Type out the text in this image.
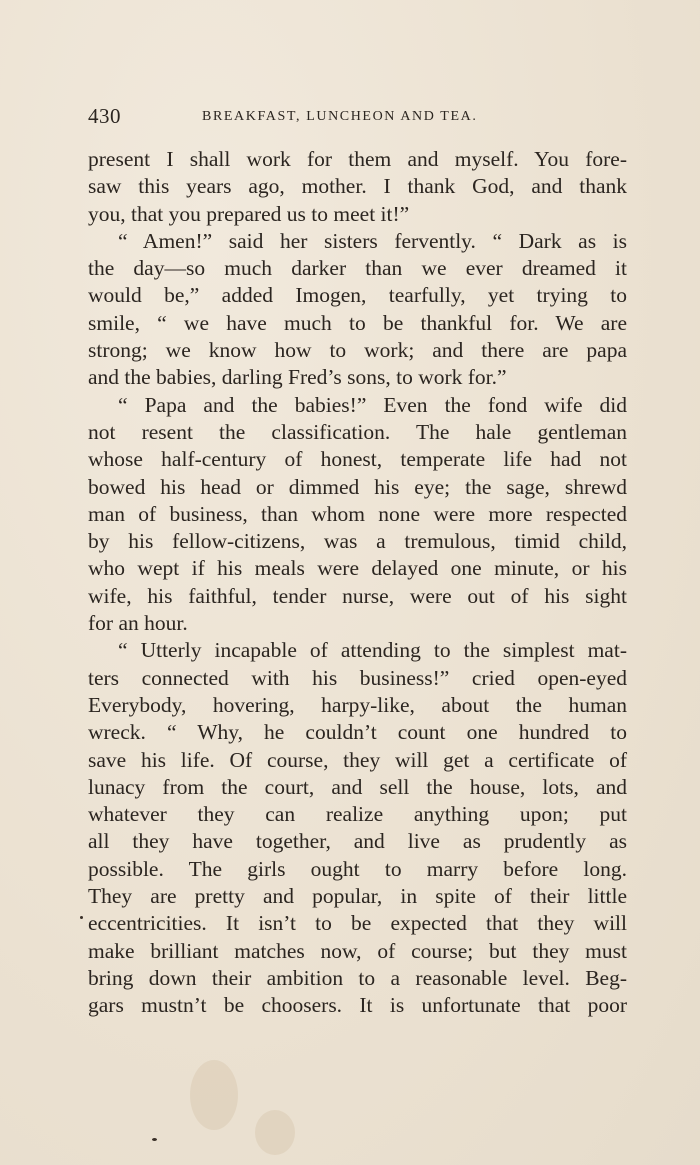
430	BREAKFAST, LUNCHEON AND TEA.
present I shall work for them and myself. You fore-
saw this years ago, mother. I thank God, and thank
you, that you prepared us to meet it!”
“ Amen!” said her sisters fervently. “ Dark as is
the day—so much darker than we ever dreamed it
would be,” added Imogen, tearfully, yet trying to
smile, “ we have much to be thankful for. We are
strong; we know how to work; and there are papa
and the babies, darling Fred’s sons, to work for.”
“ Papa and the babies!” Even the fond wife did
not resent the classification. The hale gentleman
whose half-century of honest, temperate life had not
bowed his head or dimmed his eye; the sage, shrewd
man of business, than whom none were more respected
by his fellow-citizens, was a tremulous, timid child,
who wept if his meals were delayed one minute, or his
wife, his faithful, tender nurse, were out of his sight
for an hour.
“ Utterly incapable of attending to the simplest mat-
ters connected with his business!” cried open-eyed
Everybody, hovering, harpy-like, about the human
wreck. “ Why, he couldn’t count one hundred to
save his life. Of course, they will get a certificate of
lunacy from the court, and sell the house, lots, and
whatever they can realize anything upon; put
all they have together, and live as prudently as
possible. The girls ought to marry before long.
They are pretty and popular, in spite of their little
eccentricities. It isn’t to be expected that they will
make brilliant matches now, of course; but they must
bring down their ambition to a reasonable level. Beg-
gars mustn’t be choosers. It is unfortunate that poor
